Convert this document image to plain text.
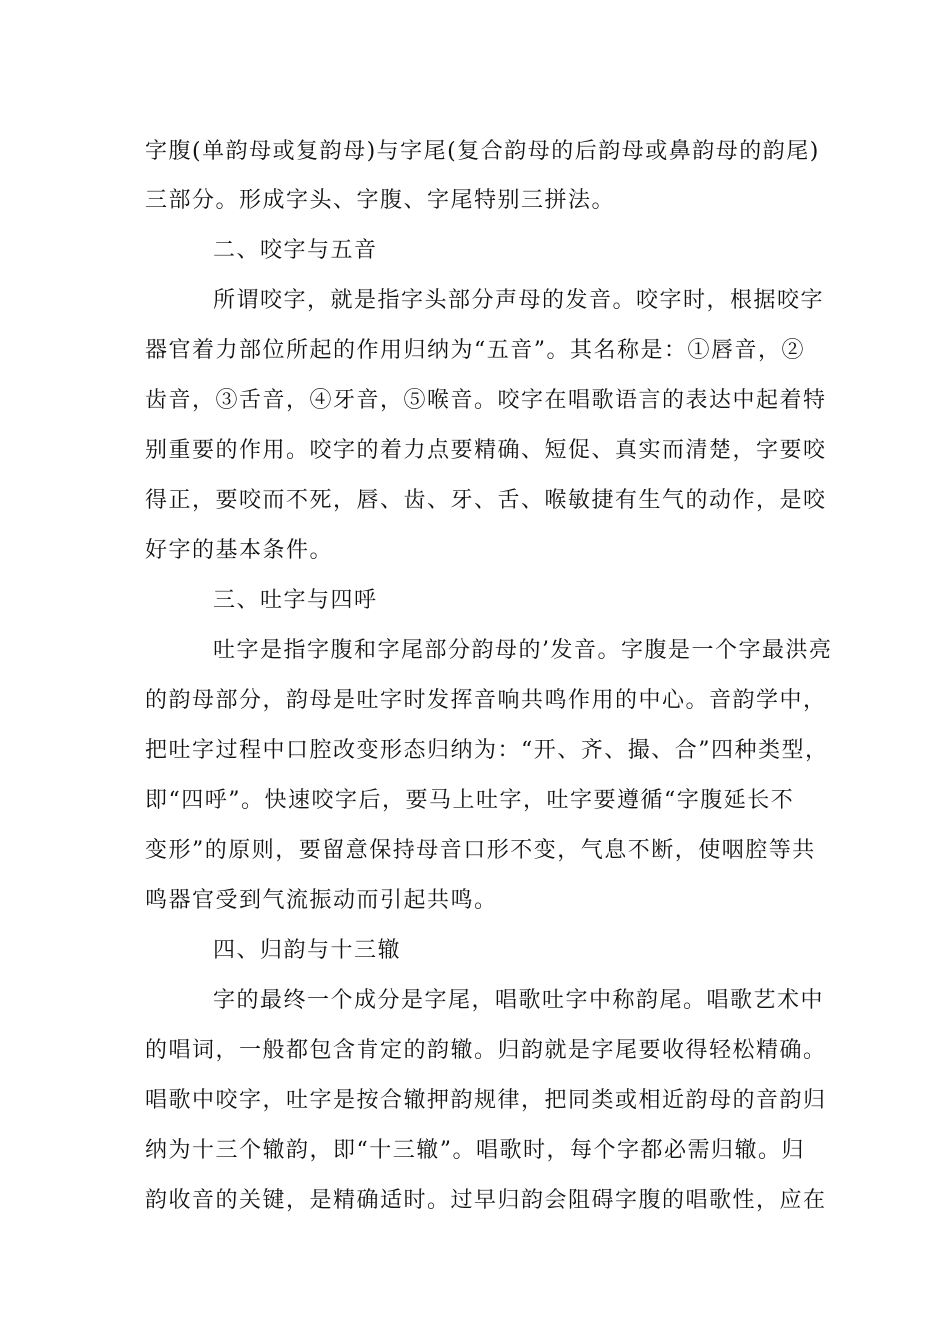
字腹(单韵母或复韵母)与字尾(复合韵母的后韵母或鼻韵母的韵尾)
三部分。形成字头、字腹、字尾特别三拼法。
二、咬字与五音
所谓咬字，就是指字头部分声母的发音。咬字时，根据咬字
器官着力部位所起的作用归纳为“五音”。其名称是：①唇音，②
齿音，③舌音，④牙音，⑤喉音。咬字在唱歌语言的表达中起着特
别重要的作用。咬字的着力点要精确、短促、真实而清楚，字要咬
得正，要咬而不死，唇、齿、牙、舌、喉敏捷有生气的动作，是咬
好字的基本条件。
三、吐字与四呼
吐字是指字腹和字尾部分韵母的’发音。字腹是一个字最洪亮
的韵母部分，韵母是吐字时发挥音响共鸣作用的中心。音韵学中，
把吐字过程中口腔改变形态归纳为：“开、齐、撮、合”四种类型，
即“四呼”。快速咬字后，要马上吐字，吐字要遵循“字腹延长不
变形”的原则，要留意保持母音口形不变，气息不断，使咽腔等共
鸣器官受到气流振动而引起共鸣。
四、归韵与十三辙
字的最终一个成分是字尾，唱歌吐字中称韵尾。唱歌艺术中
的唱词，一般都包含肯定的韵辙。归韵就是字尾要收得轻松精确。
唱歌中咬字，吐字是按合辙押韵规律，把同类或相近韵母的音韵归
纳为十三个辙韵，即“十三辙”。唱歌时，每个字都必需归辙。归
韵收音的关键，是精确适时。过早归韵会阻碍字腹的唱歌性，应在
